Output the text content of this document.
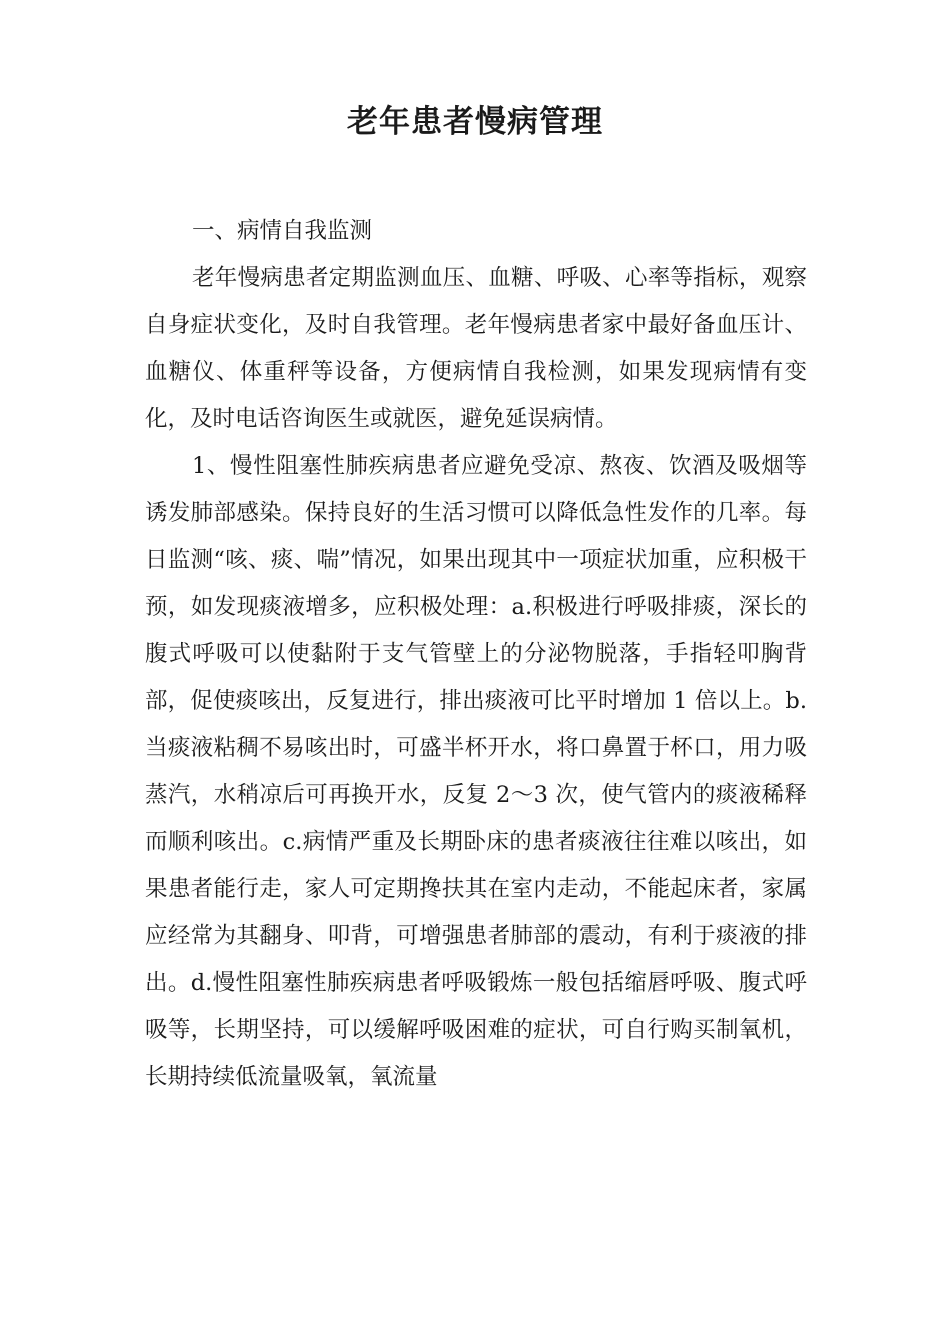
老年患者慢病管理

一、病情自我监测

老年慢病患者定期监测血压、血糖、呼吸、心率等指标，观察自身症状变化，及时自我管理。老年慢病患者家中最好备血压计、血糖仪、体重秤等设备，方便病情自我检测，如果发现病情有变化，及时电话咨询医生或就医，避免延误病情。

1、慢性阻塞性肺疾病患者应避免受凉、熬夜、饮酒及吸烟等诱发肺部感染。保持良好的生活习惯可以降低急性发作的几率。每日监测“咳、痰、喘”情况，如果出现其中一项症状加重，应积极干预，如发现痰液增多，应积极处理：a.积极进行呼吸排痰，深长的腹式呼吸可以使黏附于支气管壁上的分泌物脱落，手指轻叩胸背部，促使痰咳出，反复进行，排出痰液可比平时增加 1 倍以上。b.当痰液粘稠不易咳出时，可盛半杯开水，将口鼻置于杯口，用力吸蒸汽，水稍凉后可再换开水，反复 2～3 次，使气管内的痰液稀释而顺利咳出。c.病情严重及长期卧床的患者痰液往往难以咳出，如果患者能行走，家人可定期搀扶其在室内走动，不能起床者，家属应经常为其翻身、叩背，可增强患者肺部的震动，有利于痰液的排出。d.慢性阻塞性肺疾病患者呼吸锻炼一般包括缩唇呼吸、腹式呼吸等，长期坚持，可以缓解呼吸困难的症状，可自行购买制氧机，长期持续低流量吸氧，氧流量
